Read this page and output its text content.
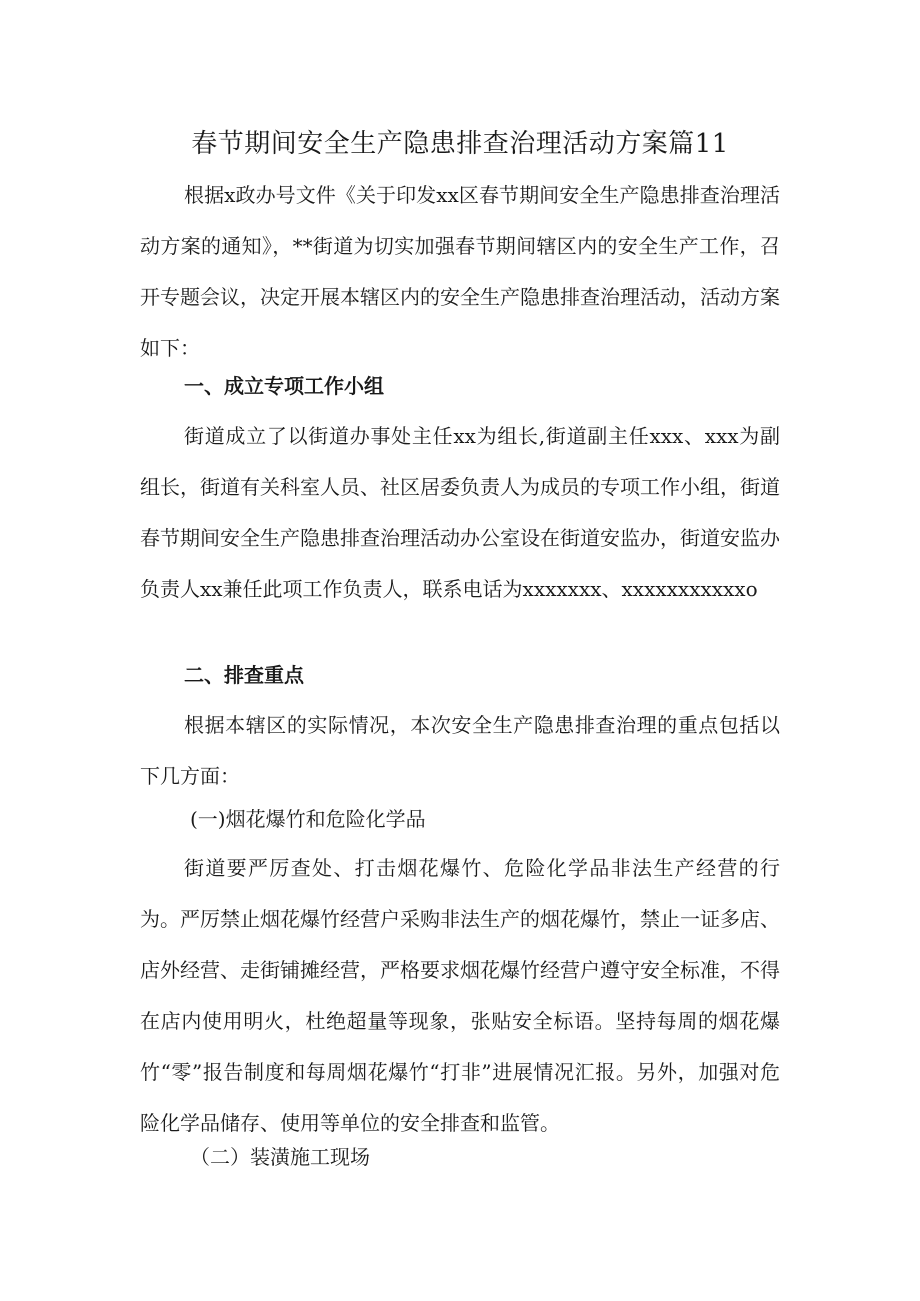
春节期间安全生产隐患排查治理活动方案篇11

根据x政办号文件《关于印发xx区春节期间安全生产隐患排查治理活动方案的通知》，**街道为切实加强春节期间辖区内的安全生产工作，召开专题会议，决定开展本辖区内的安全生产隐患排查治理活动，活动方案如下：

一、成立专项工作小组

街道成立了以街道办事处主任xx为组长,街道副主任xxx、xxx为副组长，街道有关科室人员、社区居委负责人为成员的专项工作小组，街道春节期间安全生产隐患排查治理活动办公室设在街道安监办，街道安监办负责人xx兼任此项工作负责人，联系电话为xxxxxxx、xxxxxxxxxxxo

二、排查重点

根据本辖区的实际情况，本次安全生产隐患排查治理的重点包括以下几方面：

(一)烟花爆竹和危险化学品

街道要严厉查处、打击烟花爆竹、危险化学品非法生产经营的行为。严厉禁止烟花爆竹经营户采购非法生产的烟花爆竹，禁止一证多店、店外经营、走街铺摊经营，严格要求烟花爆竹经营户遵守安全标准，不得在店内使用明火，杜绝超量等现象，张贴安全标语。坚持每周的烟花爆竹“零”报告制度和每周烟花爆竹“打非”进展情况汇报。另外，加强对危险化学品储存、使用等单位的安全排查和监管。

（二）装潢施工现场
